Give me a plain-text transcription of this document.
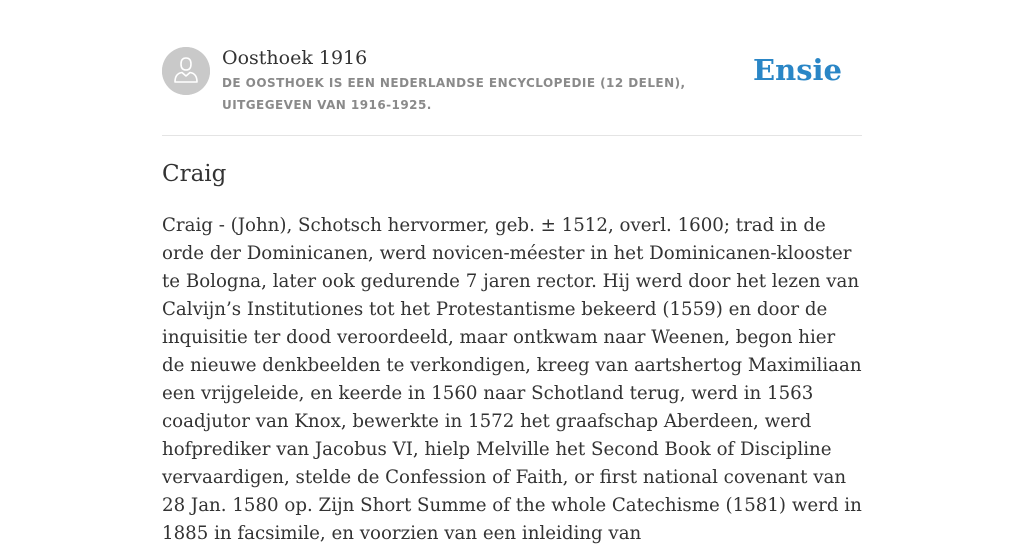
Oosthoek 1916
DE OOSTHOEK IS EEN NEDERLANDSE ENCYCLOPEDIE (12 DELEN), UITGEGEVEN VAN 1916-1925.
Ensie
Craig

Craig - (John), Schotsch hervormer, geb. ± 1512, overl. 1600; trad in de orde der Dominicanen, werd novicen-méester in het Dominicanen-klooster te Bologna, later ook gedurende 7 jaren rector. Hij werd door het lezen van Calvijn’s Institutiones tot het Protestantisme bekeerd (1559) en door de inquisitie ter dood veroordeeld, maar ontkwam naar Weenen, begon hier de nieuwe denkbeelden te verkondigen, kreeg van aartshertog Maximiliaan een vrijgeleide, en keerde in 1560 naar Schotland terug, werd in 1563 coadjutor van Knox, bewerkte in 1572 het graafschap Aberdeen, werd hofprediker van Jacobus VI, hielp Melville het Second Book of Discipline vervaardigen, stelde de Confession of Faith, or first national covenant van 28 Jan. 1580 op. Zijn Short Summe of the whole Catechisme (1581) werd in 1885 in facsimile, en voorzien van een inleiding van
